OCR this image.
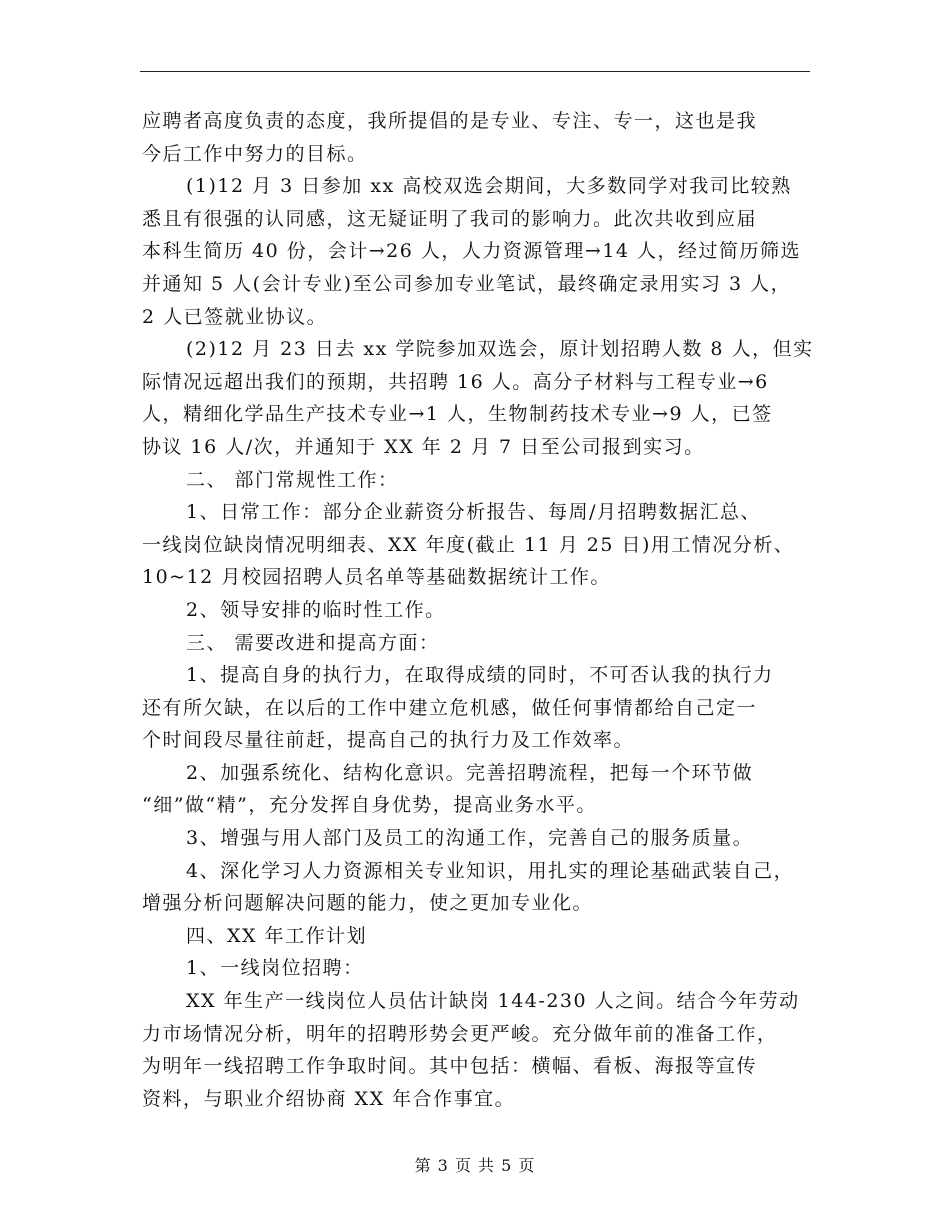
应聘者高度负责的态度，我所提倡的是专业、专注、专一，这也是我
今后工作中努力的目标。
(1)12 月 3 日参加 xx 高校双选会期间，大多数同学对我司比较熟
悉且有很强的认同感，这无疑证明了我司的影响力。此次共收到应届
本科生简历 40 份，会计→26 人，人力资源管理→14 人，经过简历筛选
并通知 5 人(会计专业)至公司参加专业笔试，最终确定录用实习 3 人，
2 人已签就业协议。
(2)12 月 23 日去 xx 学院参加双选会，原计划招聘人数 8 人，但实
际情况远超出我们的预期，共招聘 16 人。高分子材料与工程专业→6
人，精细化学品生产技术专业→1 人，生物制药技术专业→9 人，已签
协议 16 人/次，并通知于 XX 年 2 月 7 日至公司报到实习。
二、 部门常规性工作：
1、日常工作：部分企业薪资分析报告、每周/月招聘数据汇总、
一线岗位缺岗情况明细表、XX 年度(截止 11 月 25 日)用工情况分析、
10~12 月校园招聘人员名单等基础数据统计工作。
2、领导安排的临时性工作。
三、 需要改进和提高方面：
1、提高自身的执行力，在取得成绩的同时，不可否认我的执行力
还有所欠缺，在以后的工作中建立危机感，做任何事情都给自己定一
个时间段尽量往前赶，提高自己的执行力及工作效率。
2、加强系统化、结构化意识。完善招聘流程，把每一个环节做
“细”做“精”，充分发挥自身优势，提高业务水平。
3、增强与用人部门及员工的沟通工作，完善自己的服务质量。
4、深化学习人力资源相关专业知识，用扎实的理论基础武装自己，
增强分析问题解决问题的能力，使之更加专业化。
四、XX 年工作计划
1、一线岗位招聘：
XX 年生产一线岗位人员估计缺岗 144-230 人之间。结合今年劳动
力市场情况分析，明年的招聘形势会更严峻。充分做年前的准备工作，
为明年一线招聘工作争取时间。其中包括：横幅、看板、海报等宣传
资料，与职业介绍协商 XX 年合作事宜。
第 3 页 共 5 页
